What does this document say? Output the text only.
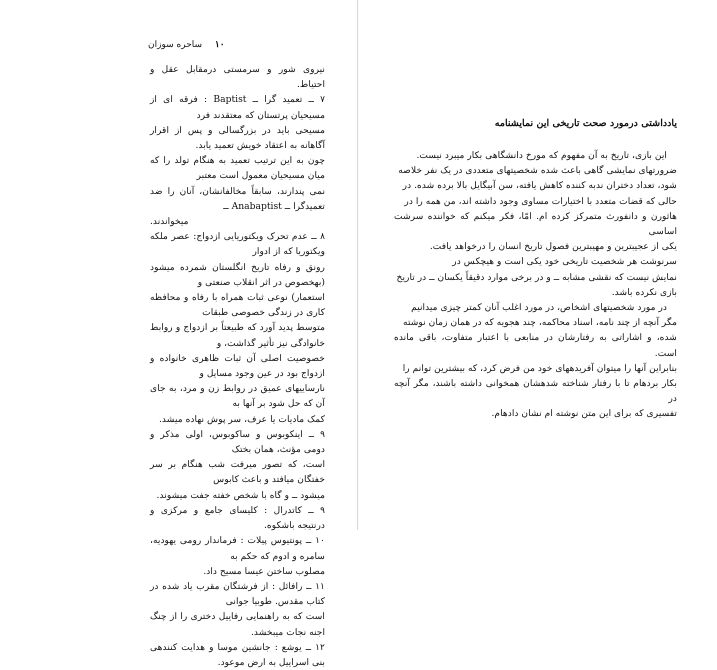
۱۰ ساحره سوزان

نیروی شور و سرمستی درمقابل عقل و احتیاط.

۷ ــ تعمید گرا ــ Baptist : فرقه ای از مسیحیان پرتستان که معتقدند فرد

مسیحی باید در بزرگسالی و پس از اقرار آگاهانه به اعتقاد خویش تعمید یابد.

چون به این ترتیب تعمید به هنگام تولد را که میان مسیحیان معمول است معتبر

نمی پندارند، سابقاً مخالفانشان، آنان را ضد تعمیدگرا ــ Anabaptist ــ

میخواندند.

۸ ــ عدم تحرک ویکتوریایی ازدواج: عصر ملکه ویکتوریا که از ادوار

رونق و رفاه تاریخ انگلستان شمرده میشود (بهخصوص در اثر انقلاب صنعتی و

استعمار) نوعی ثبات همراه با رفاه و محافظه کاری در زندگی خصوصی طبقات

متوسط پدید آورد که طبیعتاً بر ازدواج و روابط خانوادگی نیز تأثیر گذاشت، و

خصوصیت اصلی آن ثبات ظاهری خانواده و ازدواج بود در عین وجود مسایل و

نارساییهای عمیق در روابط زن و مرد، به جای آن که حل شود بر آنها به

کمک مادیات یا عرف، سر پوش نهاده میشد.

۹ ــ اینکوبوس و ساکوبوس، اولی مذکر و دومی مؤنث، همان بختک

است، که تصور میرفت شب هنگام بر سر خفتگان میافتد و باعث کابوس

میشود ــ و گاه با شخص خفته جفت میشوند.

۹ ــ کاتدرال : کلیسای جامع و مرکزی و درنتیجه باشکوه.

۱۰ ــ پونتیوس پیلات : فرماندار رومی یهودیه، سامره و ادوم که حکم به

مصلوب ساختن عیسا مسیح داد.

۱۱ ــ رافائل : از فرشتگان مقرب یاد شده در کتاب مقدس. طوبیا جوانی

است که به راهنمایی رفاییل دختری را از چنگ اجنه نجات میبخشد.

۱۲ ــ یوشع : جانشین موسا و هدایت کنندهی بنی اسراییل به ارض موعود.

یادداشتی درمورد صحت تاریخی این نمایشنامه

این بازی، تاریخ به آن مفهوم که مورخ دانشگاهی بکار میبرد نیست.

ضرورتهای نمایشی گاهی باعث شده شخصیتهای متعددی در یک نفر خلاصه

شود، تعداد دختران ندبه کننده کاهش یافته، سن آبیگایل بالا برده شده. در

حالی که قضات متعدد با اختیارات مساوی وجود داشته اند، من همه را در

هاثورن و دانفورث متمرکز کرده ام. امّا، فکر میکنم که خواننده سرشت اساسی

یکی از عجیبترین و مهیبترین فصول تاریخ انسان را درخواهد یافت.

سرنوشت هر شخصیت تاریخی خود یکی است و هیچکس در

نمایش نیست که نقشی مشابه ــ و در برخی موارد دقیقاً یکسان ــ در تاریخ

بازی نکرده باشد.

در مورد شخصیتهای اشخاص، در مورد اغلب آنان کمتر چیزی میدانیم

مگر آنچه از چند نامه، اسناد محاکمه، چند هجویه که در همان زمان نوشته

شده، و اشاراتی به رفتارشان در منابعی با اعتبار متفاوت، باقی مانده است.

بنابراین آنها را میتوان آفریدههای خود من فرض کرد، که بیشترین توانم را

بکار بردهام تا با رفتار شناخته شدهشان همخوانی داشته باشند، مگر آنچه در

تفسیری که برای این متن نوشته ام نشان دادهام.
